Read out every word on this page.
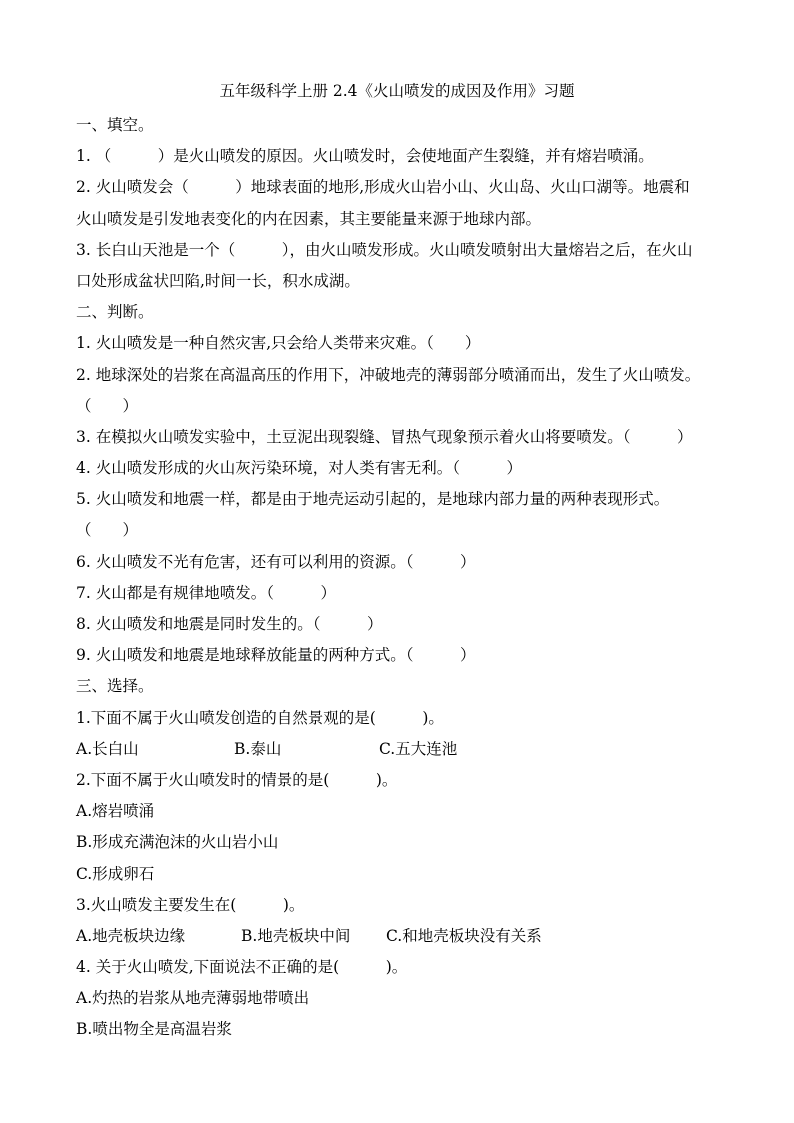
五年级科学上册 2.4《火山喷发的成因及作用》习题
一、填空。
1. （　　　）是火山喷发的原因。火山喷发时，会使地面产生裂缝，并有熔岩喷涌。
2. 火山喷发会（　　　）地球表面的地形,形成火山岩小山、火山岛、火山口湖等。地震和
火山喷发是引发地表变化的内在因素，其主要能量来源于地球内部。
3. 长白山天池是一个（　　　），由火山喷发形成。火山喷发喷射出大量熔岩之后，在火山
口处形成盆状凹陷,时间一长，积水成湖。
二、判断。
1. 火山喷发是一种自然灾害,只会给人类带来灾难。（　　）
2. 地球深处的岩浆在高温高压的作用下，冲破地壳的薄弱部分喷涌而出，发生了火山喷发。
（　　）
3. 在模拟火山喷发实验中，土豆泥出现裂缝、冒热气现象预示着火山将要喷发。（　　　）
4. 火山喷发形成的火山灰污染环境，对人类有害无利。（　　　）
5. 火山喷发和地震一样，都是由于地壳运动引起的，是地球内部力量的两种表现形式。
（　　）
6. 火山喷发不光有危害，还有可以利用的资源。（　　　）
7. 火山都是有规律地喷发。（　　　）
8. 火山喷发和地震是同时发生的。（　　　）
9. 火山喷发和地震是地球释放能量的两种方式。（　　　）
三、选择。
1.下面不属于火山喷发创造的自然景观的是(　　　)。
A.长白山	B.泰山	C.五大连池
2.下面不属于火山喷发时的情景的是(　　　)。
A.熔岩喷涌
B.形成充满泡沫的火山岩小山
C.形成卵石
3.火山喷发主要发生在(　　　)。
A.地壳板块边缘	B.地壳板块中间	C.和地壳板块没有关系
4. 关于火山喷发,下面说法不正确的是(　　　)。
A.灼热的岩浆从地壳薄弱地带喷出
B.喷出物全是高温岩浆
